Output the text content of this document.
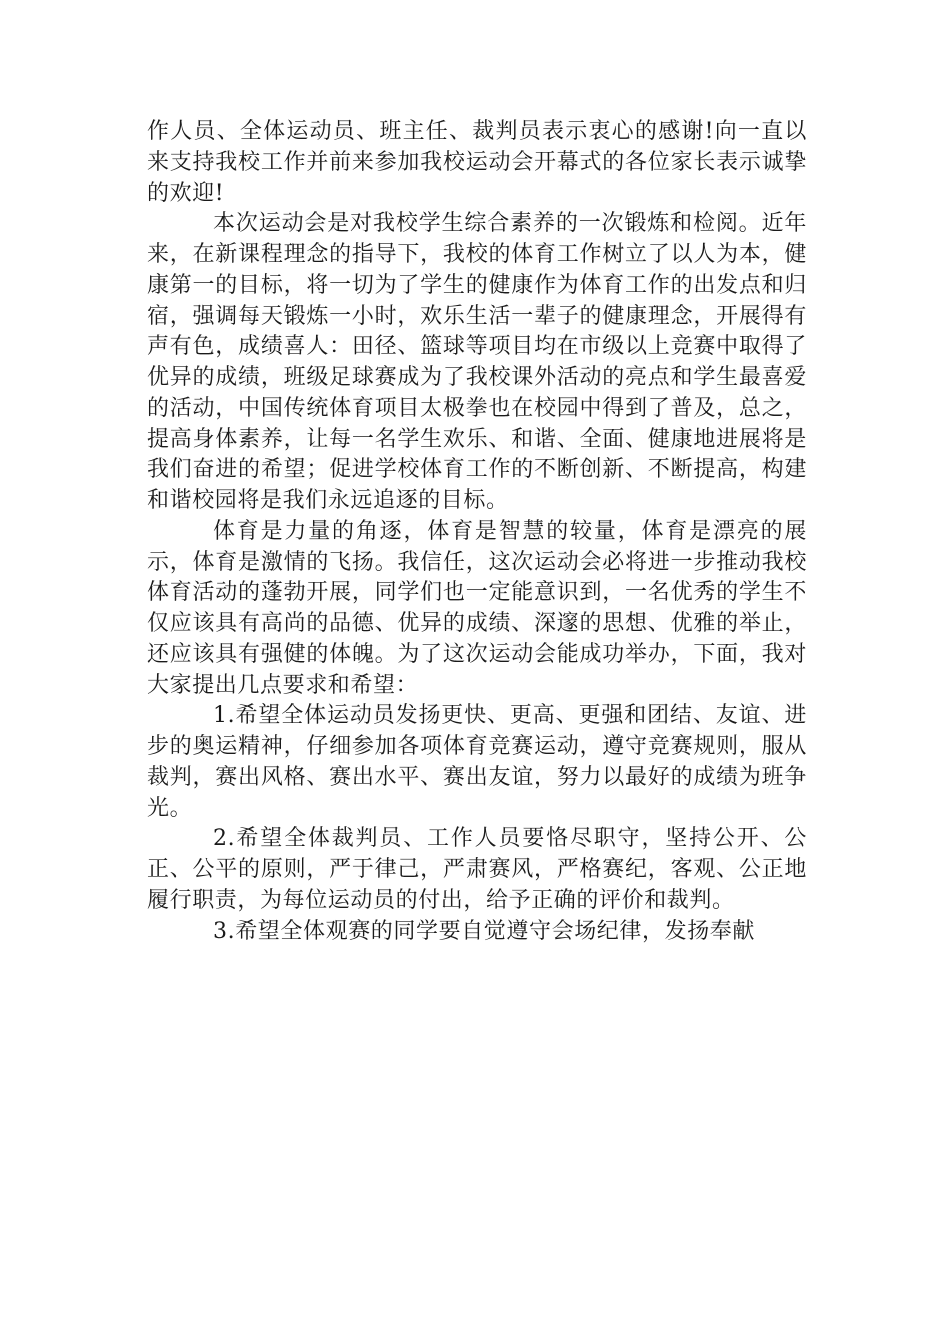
作人员、全体运动员、班主任、裁判员表示衷心的感谢!向一直以来支持我校工作并前来参加我校运动会开幕式的各位家长表示诚挚的欢迎!

本次运动会是对我校学生综合素养的一次锻炼和检阅。近年来，在新课程理念的指导下，我校的体育工作树立了以人为本，健康第一的目标，将一切为了学生的健康作为体育工作的出发点和归宿，强调每天锻炼一小时，欢乐生活一辈子的健康理念，开展得有声有色，成绩喜人：田径、篮球等项目均在市级以上竞赛中取得了优异的成绩，班级足球赛成为了我校课外活动的亮点和学生最喜爱的活动，中国传统体育项目太极拳也在校园中得到了普及，总之，提高身体素养，让每一名学生欢乐、和谐、全面、健康地进展将是我们奋进的希望；促进学校体育工作的不断创新、不断提高，构建和谐校园将是我们永远追逐的目标。

体育是力量的角逐，体育是智慧的较量，体育是漂亮的展示，体育是激情的飞扬。我信任，这次运动会必将进一步推动我校体育活动的蓬勃开展，同学们也一定能意识到，一名优秀的学生不仅应该具有高尚的品德、优异的成绩、深邃的思想、优雅的举止，还应该具有强健的体魄。为了这次运动会能成功举办，下面，我对大家提出几点要求和希望：

1.希望全体运动员发扬更快、更高、更强和团结、友谊、进步的奥运精神，仔细参加各项体育竞赛运动，遵守竞赛规则，服从裁判，赛出风格、赛出水平、赛出友谊，努力以最好的成绩为班争光。

2.希望全体裁判员、工作人员要恪尽职守，坚持公开、公正、公平的原则，严于律己，严肃赛风，严格赛纪，客观、公正地履行职责，为每位运动员的付出，给予正确的评价和裁判。

3.希望全体观赛的同学要自觉遵守会场纪律，发扬奉献
